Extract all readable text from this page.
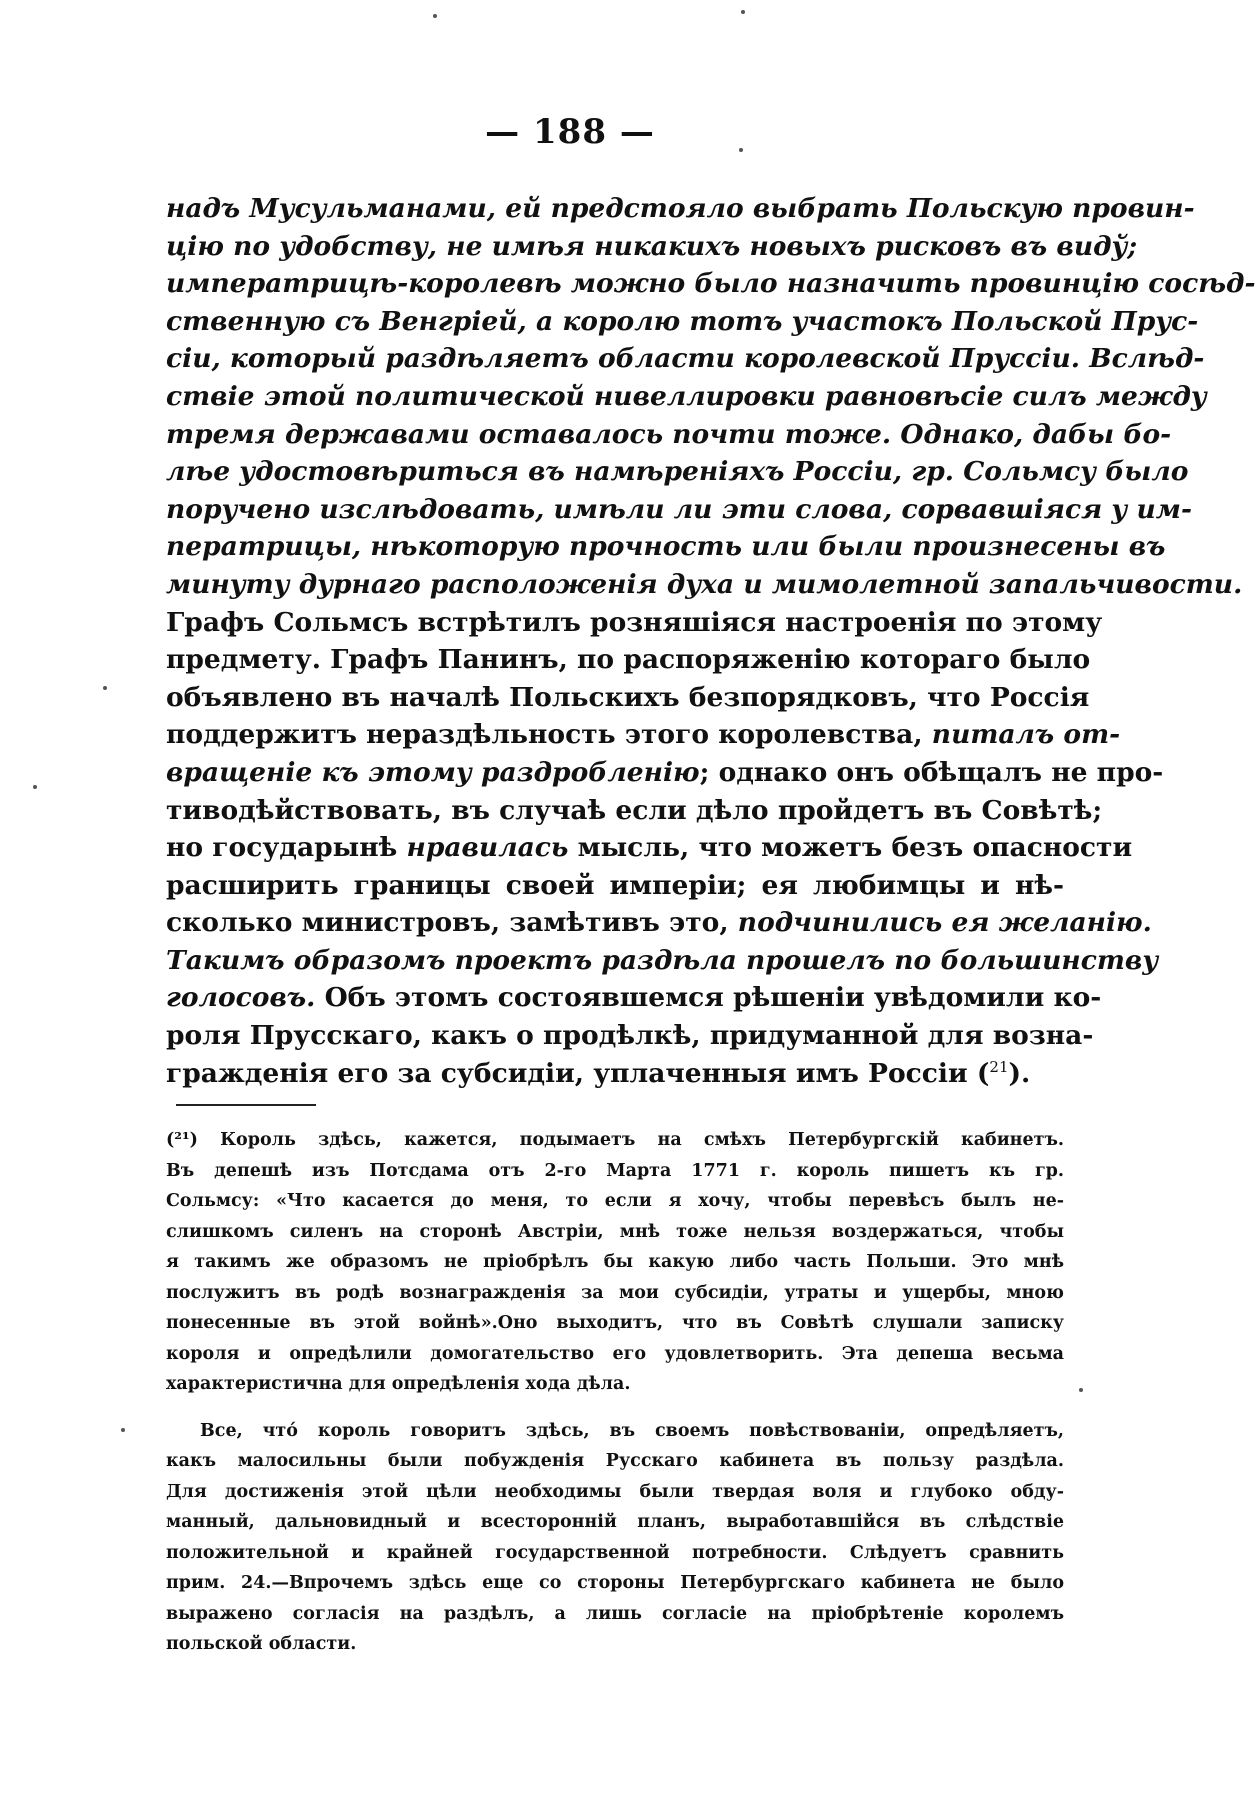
— 188 —
надъ Мусульманами, ей предстояло выбрать Польскую провин-
цію по удобству, не имѣя никакихъ новыхъ рисковъ въ видў;
императрицѣ-королевѣ можно было назначить провинцію сосѣд-
ственную съ Венгріей, а королю тотъ участокъ Польской Прус-
сіи, который раздѣляетъ области королевской Пруссіи. Вслѣд-
ствіе этой политической нивеллировки равновѣсіе силъ между
тремя державами оставалось почти тоже. Однако, дабы бо-
лѣе удостовѣриться въ намѣреніяхъ Россіи, гр. Сольмсу было
поручено изслѣдовать, имѣли ли эти слова, сорвавшіяся у им-
ператрицы, нѣкоторую прочность или были произнесены въ
минуту дурнаго расположенія духа и мимолетной запальчивости.
Графъ Сольмсъ встрѣтилъ розняшіяся настроенія по этому
предмету. Графъ Панинъ, по распоряженію котораго было
объявлено въ началѣ Польскихъ безпорядковъ, что Россія
поддержитъ нераздѣльность этого королевства, питалъ от-
вращеніе къ этому раздробленію; однако онъ обѣщалъ не про-
тиводѣйствовать, въ случаѣ если дѣло пройдетъ въ Совѣтѣ;
но государынѣ нравилась мысль, что можетъ безъ опасности
расширить границы своей имперіи; ея любимцы и нѣ-
сколько министровъ, замѣтивъ это, подчинились ея желанію.
Такимъ образомъ проектъ раздѣла прошелъ по большинству
голосовъ. Объ этомъ состоявшемся рѣшеніи увѣдомили ко-
роля Прусскаго, какъ о продѣлкѣ, придуманной для возна-
гражденія его за субсидіи, уплаченныя имъ Россіи ($^{21}$).
(²¹) Король здѣсь, кажется, подымаетъ на смѣхъ Петербургскій кабинетъ.
Въ депешѣ изъ Потсдама отъ 2-го Марта 1771 г. король пишетъ къ гр.
Сольмсу: «Что касается до меня, то если я хочу, чтобы перевѣсъ былъ не-
слишкомъ силенъ на сторонѣ Австріи, мнѣ тоже нельзя воздержаться, чтобы
я такимъ же образомъ не пріобрѣлъ бы какую либо часть Польши. Это мнѣ
послужитъ въ родѣ вознагражденія за мои субсидіи, утраты и ущербы, мною
понесенные въ этой войнѣ».Оно выходитъ, что въ Совѣтѣ слушали записку
короля и опредѣлили домогательство его удовлетворить. Эта депеша весьма
характеристична для опредѣленія хода дѣла.
Все, чтó король говоритъ здѣсь, въ своемъ повѣствованіи, опредѣляетъ,
какъ малосильны были побужденія Русскаго кабинета въ пользу раздѣла.
Для достиженія этой цѣли необходимы были твердая воля и глубоко обду-
манный, дальновидный и всесторонній планъ, выработавшійся въ слѣдствіе
положительной и крайней государственной потребности. Слѣдуетъ сравнить
прим. 24.—Впрочемъ здѣсь еще со стороны Петербургскаго кабинета не было
выражено согласія на раздѣлъ, а лишь согласіе на пріобрѣтеніе королемъ
польской области.
